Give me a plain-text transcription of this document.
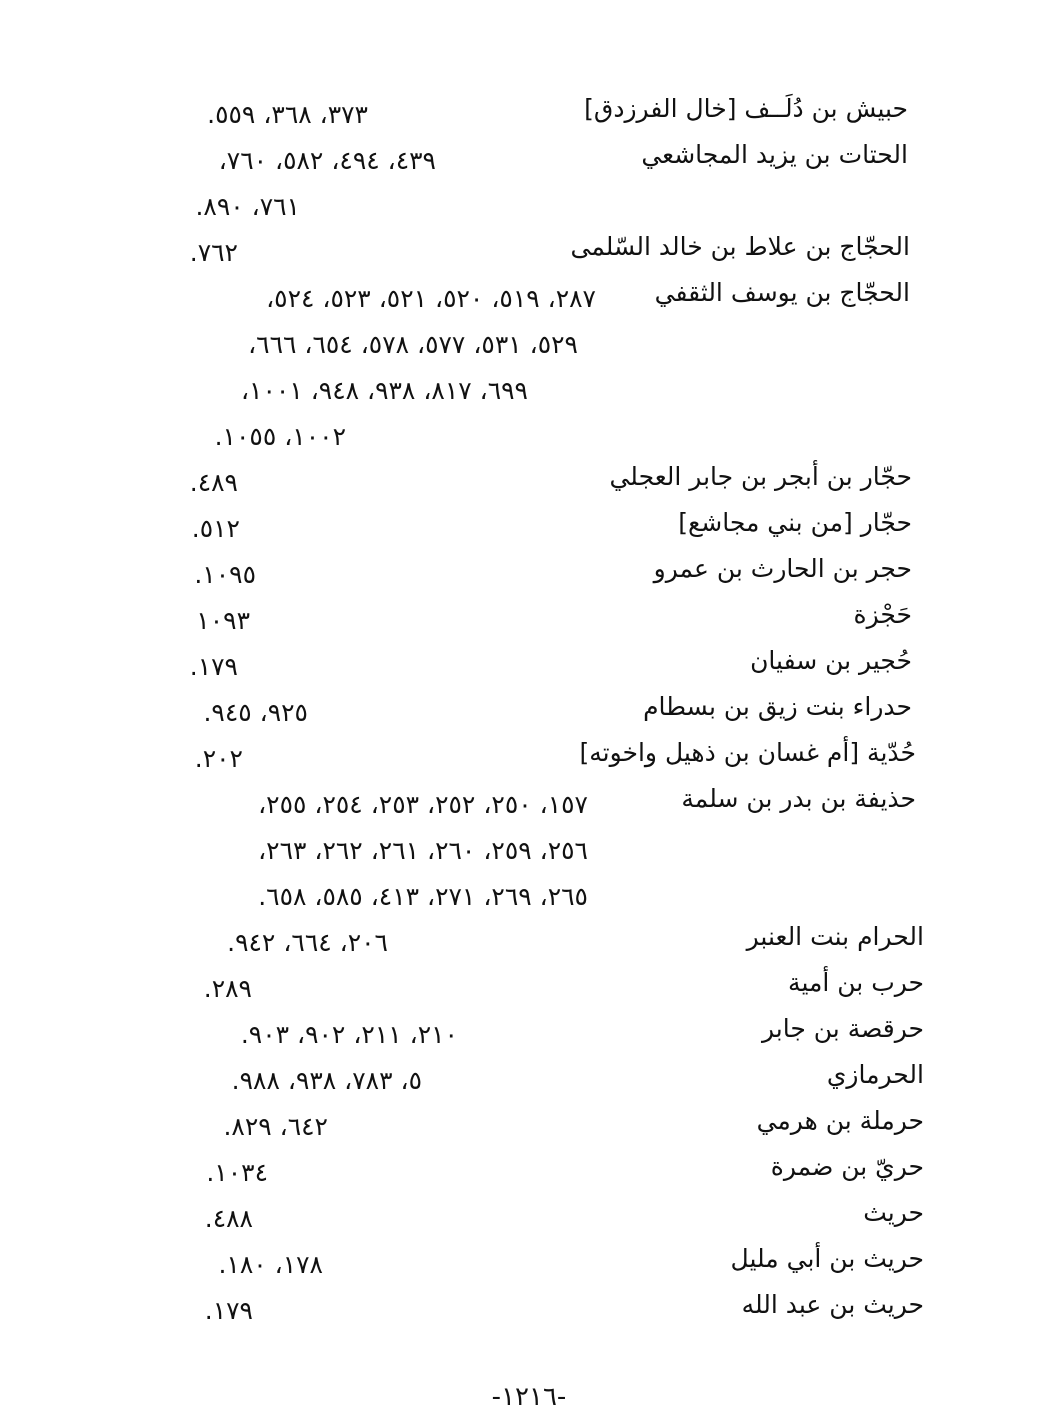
حبيش بن دُلَــف [خال الفرزدق]
٣٧٣، ٣٦٨، ٥٥٩.
الحتات بن يزيد المجاشعي
٤٣٩، ٤٩٤، ٥٨٢، ٧٦٠،
٧٦١، ٨٩٠.
الحجّاج بن علاط بن خالد السّلمى
٧٦٢.
الحجّاج بن يوسف الثقفي
٢٨٧، ٥١٩، ٥٢٠، ٥٢١، ٥٢٣، ٥٢٤،
٥٢٩، ٥٣١، ٥٧٧، ٥٧٨، ٦٥٤، ٦٦٦،
٦٩٩، ٨١٧، ٩٣٨، ٩٤٨، ١٠٠١،
١٠٠٢، ١٠٥٥.
حجّار بن أبجر بن جابر العجلي
٤٨٩.
حجّار [من بني مجاشع]
٥١٢.
حجر بن الحارث بن عمرو
١٠٩٥.
حَجْزة
١٠٩٣
حُجير بن سفيان
١٧٩.
حدراء بنت زيق بن بسطام
٩٢٥، ٩٤٥.
حُدّية [أم غسان بن ذهيل واخوته]
٢٠٢.
حذيفة بن بدر بن سلمة
١٥٧، ٢٥٠، ٢٥٢، ٢٥٣، ٢٥٤، ٢٥٥،
٢٥٦، ٢٥٩، ٢٦٠، ٢٦١، ٢٦٢، ٢٦٣،
٢٦٥، ٢٦٩، ٢٧١، ٤١٣، ٥٨٥، ٦٥٨.
الحرام بنت العنبر
٢٠٦، ٦٦٤، ٩٤٢.
حرب بن أمية
٢٨٩.
حرقصة بن جابر
٢١٠، ٢١١، ٩٠٢، ٩٠٣.
الحرمازي
٥، ٧٨٣، ٩٣٨، ٩٨٨.
حرملة بن هرمي
٦٤٢، ٨٢٩.
حريّ بن ضمرة
١٠٣٤.
حريث
٤٨٨.
حريث بن أبي مليل
١٧٨، ١٨٠.
حريث بن عبد الله
١٧٩.
-١٢١٦-
